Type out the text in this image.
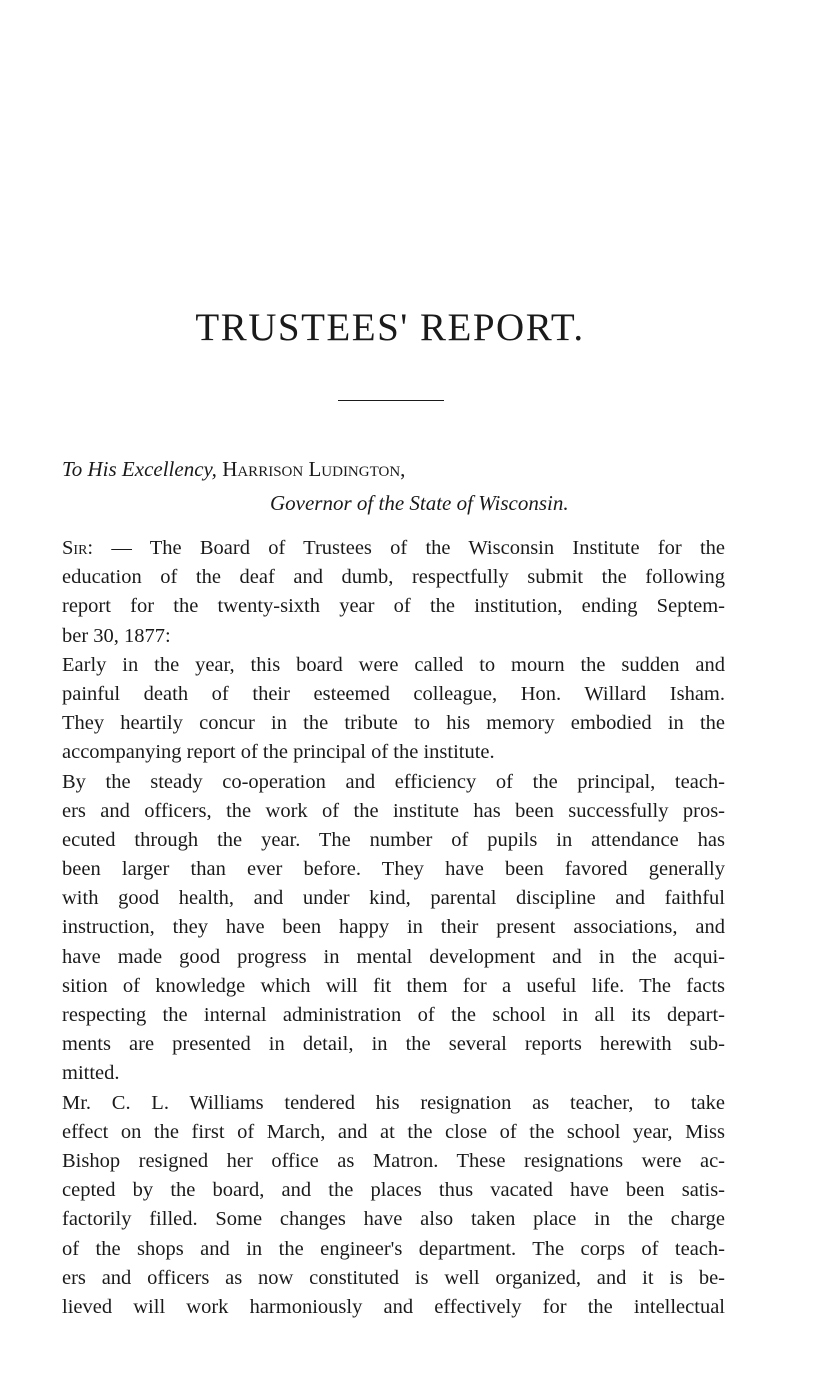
TRUSTEES' REPORT.
To His Excellency, Harrison Ludington,
Governor of the State of Wisconsin.
Sir: — The Board of Trustees of the Wisconsin Institute for the
education of the deaf and dumb, respectfully submit the following
report for the twenty-sixth year of the institution, ending Septem-
ber 30, 1877:
Early in the year, this board were called to mourn the sudden and
painful death of their esteemed colleague, Hon. Willard Isham.
They heartily concur in the tribute to his memory embodied in the
accompanying report of the principal of the institute.
By the steady co-operation and efficiency of the principal, teach-
ers and officers, the work of the institute has been successfully pros-
ecuted through the year. The number of pupils in attendance has
been larger than ever before. They have been favored generally
with good health, and under kind, parental discipline and faithful
instruction, they have been happy in their present associations, and
have made good progress in mental development and in the acqui-
sition of knowledge which will fit them for a useful life. The facts
respecting the internal administration of the school in all its depart-
ments are presented in detail, in the several reports herewith sub-
mitted.
Mr. C. L. Williams tendered his resignation as teacher, to take
effect on the first of March, and at the close of the school year, Miss
Bishop resigned her office as Matron. These resignations were ac-
cepted by the board, and the places thus vacated have been satis-
factorily filled. Some changes have also taken place in the charge
of the shops and in the engineer's department. The corps of teach-
ers and officers as now constituted is well organized, and it is be-
lieved will work harmoniously and effectively for the intellectual
